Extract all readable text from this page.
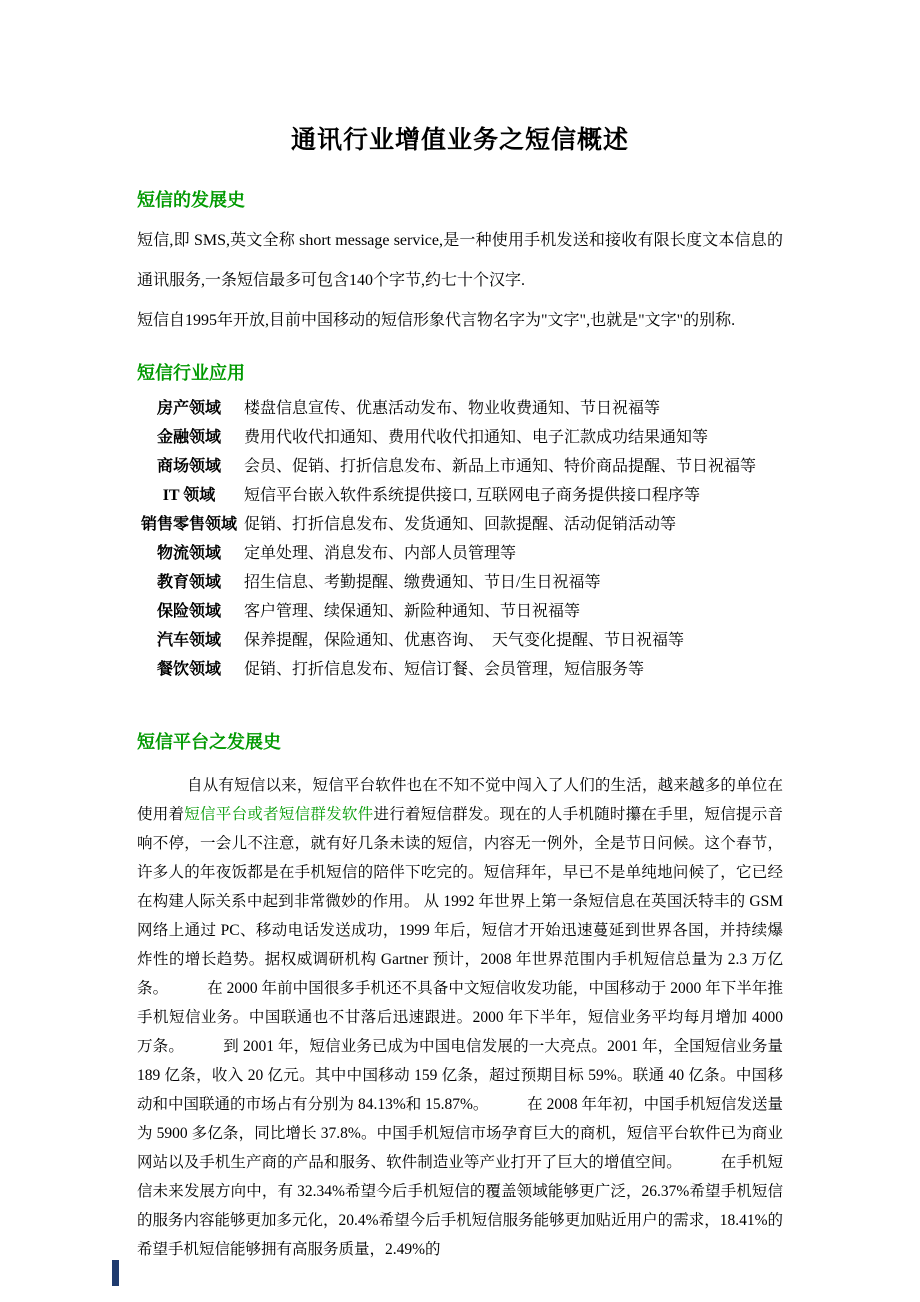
通讯行业增值业务之短信概述
短信的发展史

短信,即 SMS,英文全称 short message service,是一种使用手机发送和接收有限长度文本信息的通讯服务,一条短信最多可包含140个字节,约七十个汉字.

短信自1995年开放,目前中国移动的短信形象代言物名字为"文字",也就是"文字"的别称.

短信行业应用
房产领域	楼盘信息宣传、优惠活动发布、物业收费通知、节日祝福等
金融领域	费用代收代扣通知、费用代收代扣通知、电子汇款成功结果通知等
商场领域	会员、促销、打折信息发布、新品上市通知、特价商品提醒、节日祝福等
IT 领域	短信平台嵌入软件系统提供接口, 互联网电子商务提供接口程序等
销售零售领域 促销、打折信息发布、发货通知、回款提醒、活动促销活动等
物流领域	定单处理、消息发布、内部人员管理等
教育领域	招生信息、考勤提醒、缴费通知、节日/生日祝福等
保险领域	客户管理、续保通知、新险种通知、节日祝福等
汽车领域	保养提醒，保险通知、优惠咨询、　天气变化提醒、节日祝福等
餐饮领域	促销、打折信息发布、短信订餐、会员管理，短信服务等
短信平台之发展史

自从有短信以来，短信平台软件也在不知不觉中闯入了人们的生活，越来越多的单位在使用着短信平台或者短信群发软件进行着短信群发。现在的人手机随时攥在手里，短信提示音响不停，一会儿不注意，就有好几条未读的短信，内容无一例外，全是节日问候。这个春节，许多人的年夜饭都是在手机短信的陪伴下吃完的。短信拜年，早已不是单纯地问候了，它已经在构建人际关系中起到非常微妙的作用。 从 1992 年世界上第一条短信息在英国沃特丰的 GSM 网络上通过 PC、移动电话发送成功，1999 年后，短信才开始迅速蔓延到世界各国，并持续爆炸性的增长趋势。据权威调研机构 Gartner 预计，2008 年世界范围内手机短信总量为 2.3 万亿条。　　　在 2000 年前中国很多手机还不具备中文短信收发功能，中国移动于 2000 年下半年推手机短信业务。中国联通也不甘落后迅速跟进。2000 年下半年，短信业务平均每月增加 4000 万条。　　　到 2001 年，短信业务已成为中国电信发展的一大亮点。2001 年，全国短信业务量 189 亿条，收入 20 亿元。其中中国移动 159 亿条，超过预期目标 59%。联通 40 亿条。中国移动和中国联通的市场占有分别为 84.13%和 15.87%。　　　在 2008 年年初，中国手机短信发送量为 5900 多亿条，同比增长 37.8%。中国手机短信市场孕育巨大的商机，短信平台软件已为商业网站以及手机生产商的产品和服务、软件制造业等产业打开了巨大的增值空间。　　　在手机短信未来发展方向中，有 32.34%希望今后手机短信的覆盖领域能够更广泛，26.37%希望手机短信的服务内容能够更加多元化，20.4%希望今后手机短信服务能够更加贴近用户的需求，18.41%的希望手机短信能够拥有高服务质量，2.49%的
